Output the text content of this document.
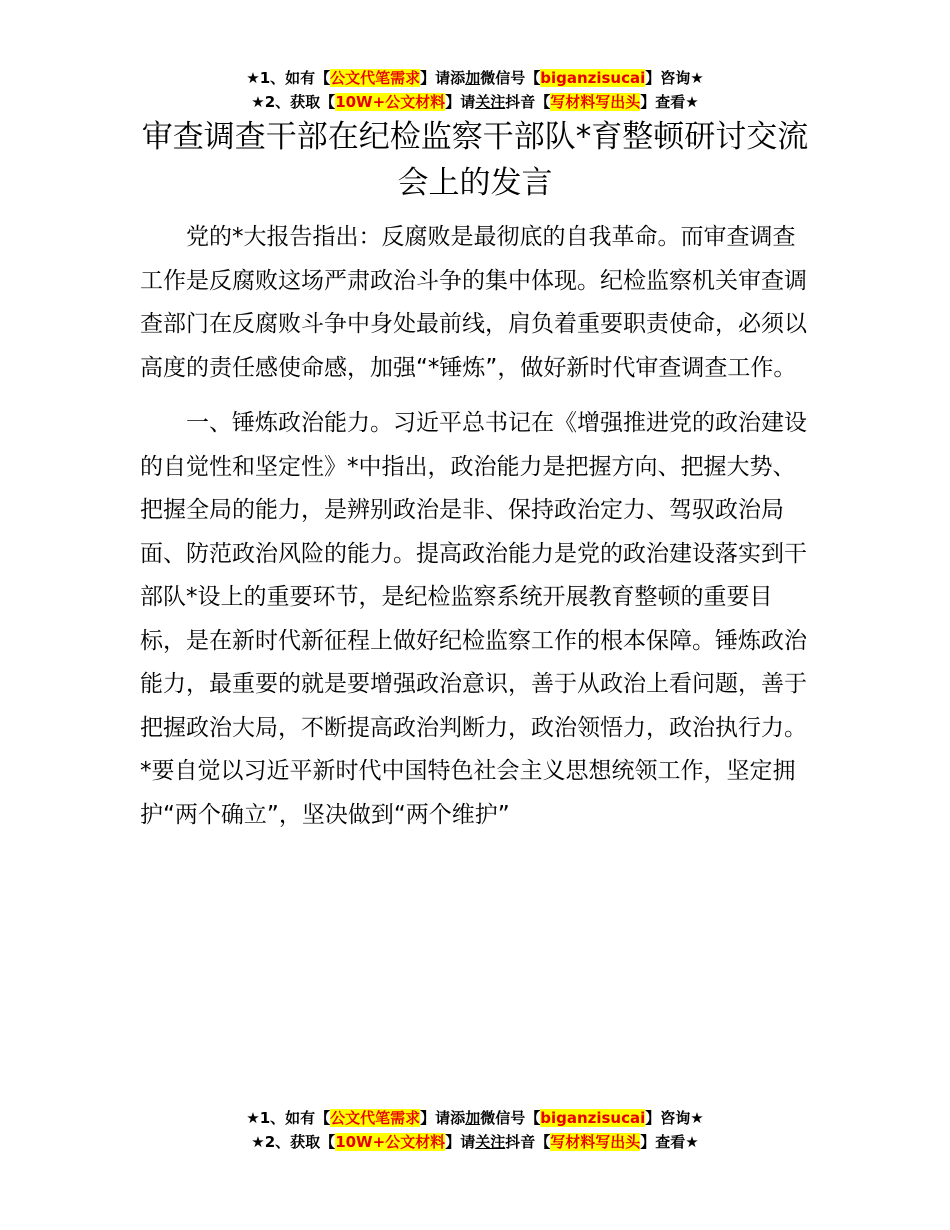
★1、如有【公文代笔需求】请添加微信号【biganzisucai】咨询★
★2、获取【10W+公文材料】请关注抖音【写材料写出头】查看★
审查调查干部在纪检监察干部队*育整顿研讨交流会上的发言

党的*大报告指出：反腐败是最彻底的自我革命。而审查调查工作是反腐败这场严肃政治斗争的集中体现。纪检监察机关审查调查部门在反腐败斗争中身处最前线，肩负着重要职责使命，必须以高度的责任感使命感，加强“*锤炼”，做好新时代审查调查工作。

一、锤炼政治能力。习近平总书记在《增强推进党的政治建设的自觉性和坚定性》*中指出，政治能力是把握方向、把握大势、把握全局的能力，是辨别政治是非、保持政治定力、驾驭政治局面、防范政治风险的能力。提高政治能力是党的政治建设落实到干部队*设上的重要环节，是纪检监察系统开展教育整顿的重要目标，是在新时代新征程上做好纪检监察工作的根本保障。锤炼政治能力，最重要的就是要增强政治意识，善于从政治上看问题，善于把握政治大局，不断提高政治判断力，政治领悟力，政治执行力。*要自觉以习近平新时代中国特色社会主义思想统领工作，坚定拥护“两个确立”，坚决做到“两个维护”

★1、如有【公文代笔需求】请添加微信号【biganzisucai】咨询★
★2、获取【10W+公文材料】请关注抖音【写材料写出头】查看★
